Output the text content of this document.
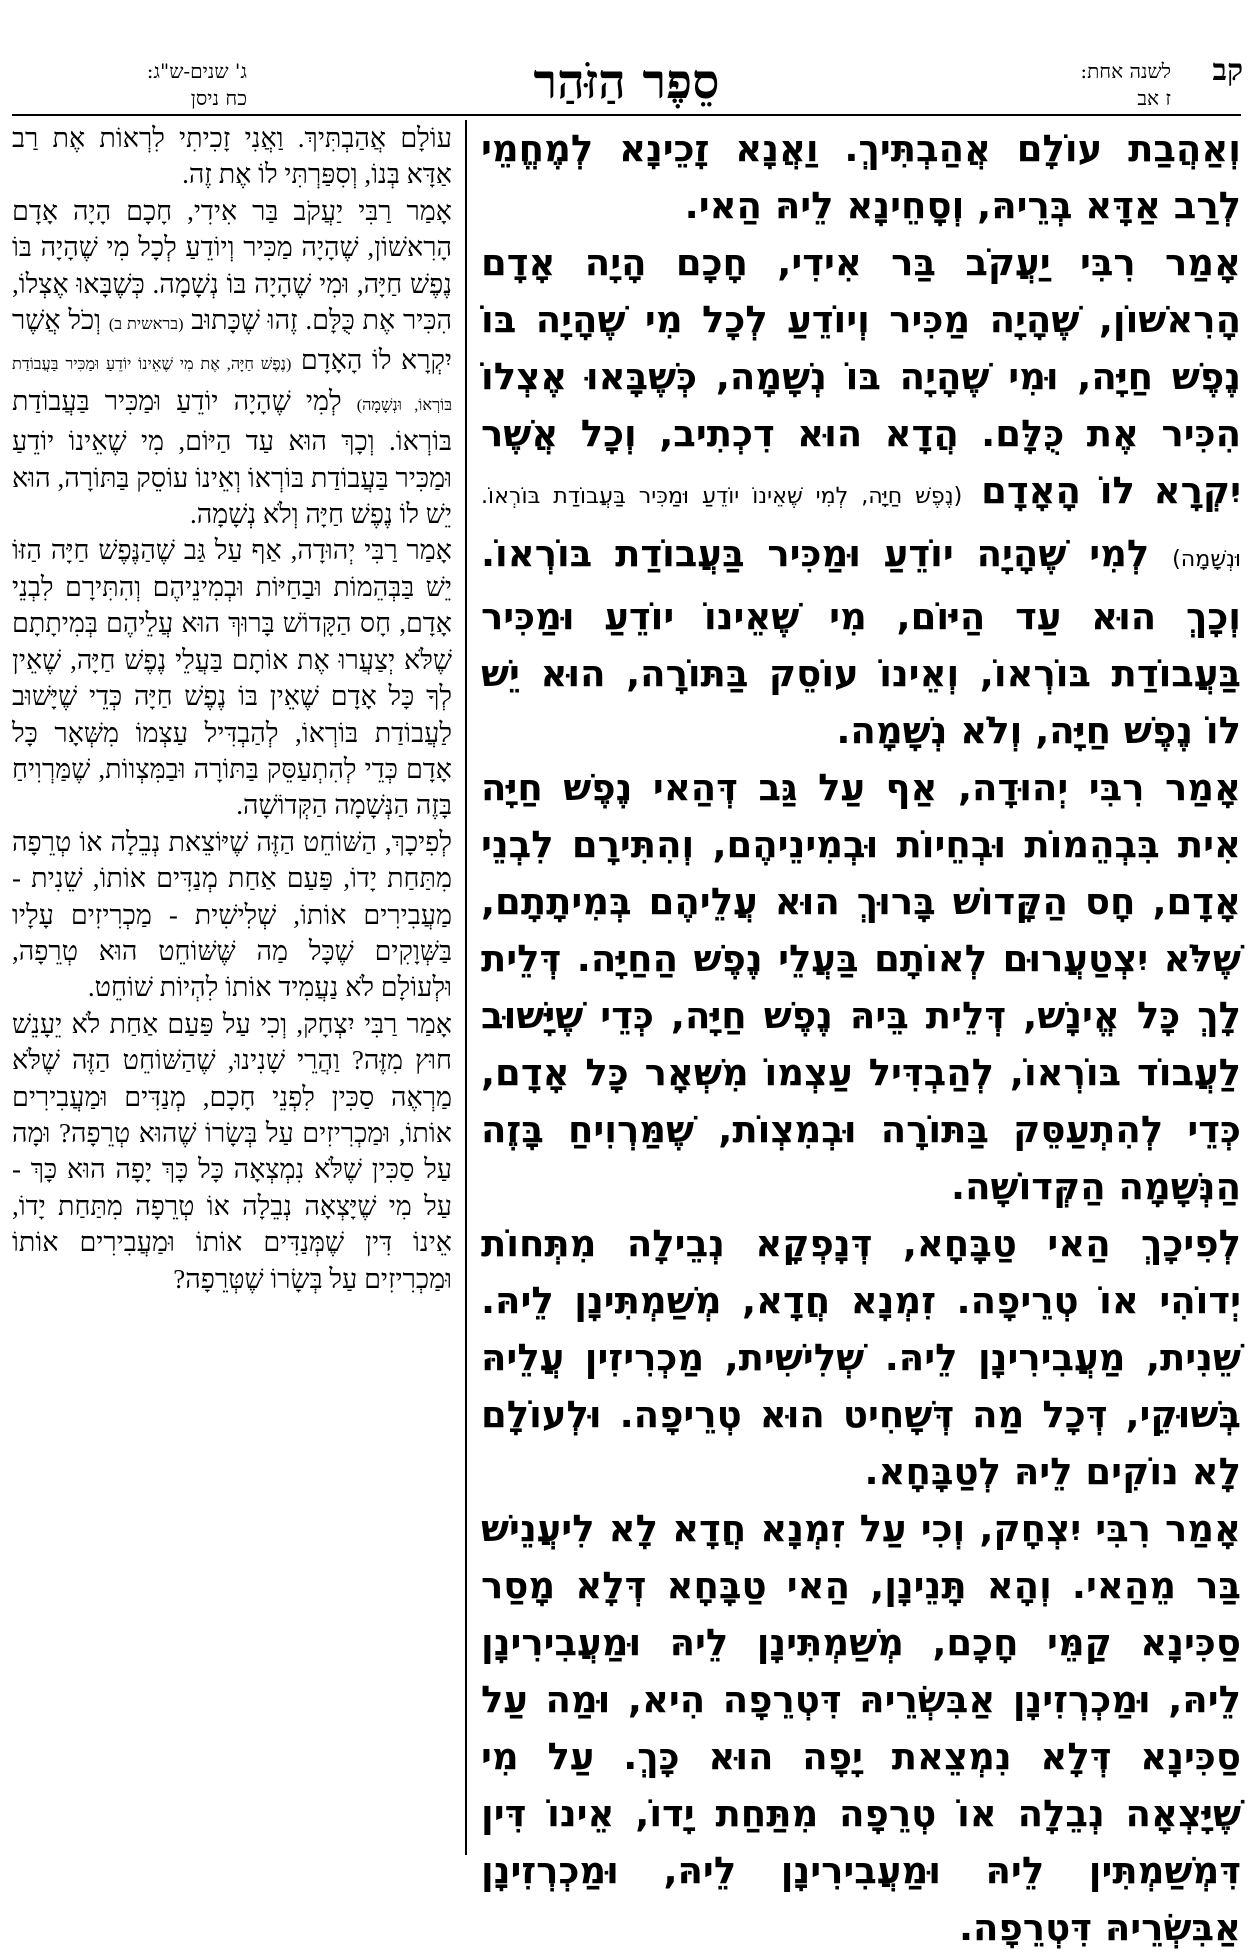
קב
לשנה אחת:
ז אב
סֵפֶר הַזֹּהַר
ג' שנים-ש"ג:
כח ניסן

וְאַהֲבַת עוֹלָם אֲהַבְתִּיךְ. וַאֲנָא זָכֵינָא לְמֶחֱמֵי לְרַב אַדָּא בְּרֵיהּ, וְסָחֵינָא לֵיהּ הַאי.

אָמַר רִבִּי יַעֲקֹב בַּר אִידִי, חָכָם הָיָה אָדָם הָרִאשׁוֹן, שֶׁהָיָה מַכִּיר וְיוֹדֵעַ לְכָל מִי שֶׁהָיָה בּוֹ נֶפֶשׁ חַיָּה, וּמִי שֶׁהָיָה בּוֹ נְשָׁמָה, כְּשֶׁבָּאוּ אֶצְלוֹ הִכִּיר אֶת כֻּלָּם. הֲדָא הוּא דִכְתִיב, וְכָל אֲשֶׁר יִקְרָא לוֹ הָאָדָם (נֶפֶשׁ חַיָּה, לְמִי שֶׁאֵינוֹ יוֹדֵעַ וּמַכִּיר בַּעֲבוֹדַת בּוֹרְאוֹ. וּנְשָׁמָה) לְמִי שֶׁהָיָה יוֹדֵעַ וּמַכִּיר בַּעֲבוֹדַת בּוֹרְאוֹ. וְכָךְ הוּא עַד הַיּוֹם, מִי שֶׁאֵינוֹ יוֹדֵעַ וּמַכִּיר בַּעֲבוֹדַת בּוֹרְאוֹ, וְאֵינוֹ עוֹסֵק בַּתּוֹרָה, הוּא יֵשׁ לוֹ נֶפֶשׁ חַיָּה, וְלֹא נְשָׁמָה.

אָמַר רִבִּי יְהוּדָה, אַף עַל גַּב דְּהַאי נֶפֶשׁ חַיָּה אִית בִּבְהֵמוֹת וּבְחֵיוֹת וּבְמִינֵיהֶם, וְהִתִּירָם לִבְנֵי אָדָם, חָס הַקָּדוֹשׁ בָּרוּךְ הוּא עֲלֵיהֶם בְּמִיתָתָם, שֶׁלֹּא יִצְטַעֲרוּם לְאוֹתָם בַּעֲלֵי נֶפֶשׁ הַחַיָּה. דְּלֵית לָךְ כָּל אֱינָשׁ, דְּלֵית בֵּיהּ נֶפֶשׁ חַיָּה, כְּדֵי שֶׁיָּשׁוּב לַעֲבוֹד בּוֹרְאוֹ, לְהַבְדִּיל עַצְמוֹ מִשְּׁאָר כָּל אָדָם, כְּדֵי לְהִתְעַסֵּק בַּתּוֹרָה וּבְמִצְוֹת, שֶׁמַּרְוִיחַ בָּזֶה הַנְּשָׁמָה הַקְּדוֹשָׁה.

לְפִיכָךְ הַאי טַבָּחָא, דְּנָפְקָא נְבֵילָה מִתְּחוֹת יְדוֹהִי אוֹ טְרֵיפָה. זִמְנָא חֲדָא, מְשַׁמְתִּינָן לֵיהּ. שֵׁנִית, מַעֲבִירִינָן לֵיהּ. שְׁלִישִׁית, מַכְרִיזִין עֲלֵיהּ בְּשׁוּקֵי, דְּכָל מַה דְּשָׁחִיט הוּא טְרֵיפָה. וּלְעוֹלָם לָא נוֹקִים לֵיהּ לְטַבָּחָא.

אָמַר רִבִּי יִצְחָק, וְכִי עַל זִמְנָא חֲדָא לָא לִיעֲנֵישׁ בַּר מֵהַאי. וְהָא תָּנֵינָן, הַאי טַבָּחָא דְּלָא מָסַר סַכִּינָא קַמֵּי חָכָם, מְשַׁמְתִּינָן לֵיהּ וּמַעֲבִירִינָן לֵיהּ, וּמַכְרְזִינָן אַבִּשְׂרֵיהּ דִּטְרֵפָה הִיא, וּמַה עַל סַכִּינָא דְּלָא נִמְצֵאת יָפָה הוּא כָּךְ. עַל מִי שֶׁיָּצְאָה נְבֵלָה אוֹ טְרֵפָה מִתַּחַת יָדוֹ, אֵינוֹ דִּין דִּמְשַׁמְתִּין לֵיהּ וּמַעֲבִירִינָן לֵיהּ, וּמַכְרְזִינָן אַבִּשְׂרֵיהּ דִּטְרֵפָה.

עוֹלָם אֲהַבְתִּיךְ. וַאֲנִי זָכִיתִי לִרְאוֹת אֶת רַב אַדָּא בְּנוֹ, וְסִפַּרְתִּי לוֹ אֶת זֶה.

אָמַר רַבִּי יַעֲקֹב בַּר אִידִי, חָכָם הָיָה אָדָם הָרִאשׁוֹן, שֶׁהָיָה מַכִּיר וְיוֹדֵעַ לְכָל מִי שֶׁהָיָה בּוֹ נֶפֶשׁ חַיָּה, וּמִי שֶׁהָיָה בּוֹ נְשָׁמָה. כְּשֶׁבָּאוּ אֶצְלוֹ, הִכִּיר אֶת כֻּלָּם. זֶהוּ שֶׁכָּתוּב (בראשית ב) וְכֹל אֲשֶׁר יִקְרָא לוֹ הָאָדָם (נֶפֶשׁ חַיָּה, אֶת מִי שֶׁאֵינוֹ יוֹדֵעַ וּמַכִּיר בַּעֲבוֹדַת בּוֹרְאוֹ, וּנְשָׁמָה) לְמִי שֶׁהָיָה יוֹדֵעַ וּמַכִּיר בַּעֲבוֹדַת בּוֹרְאוֹ. וְכָךְ הוּא עַד הַיּוֹם, מִי שֶׁאֵינוֹ יוֹדֵעַ וּמַכִּיר בַּעֲבוֹדַת בּוֹרְאוֹ וְאֵינוֹ עוֹסֵק בַּתּוֹרָה, הוּא יֵשׁ לוֹ נֶפֶשׁ חַיָּה וְלֹא נְשָׁמָה.

אָמַר רַבִּי יְהוּדָה, אַף עַל גַּב שֶׁהַנֶּפֶשׁ חַיָּה הַזּוֹ יֵשׁ בַּבְּהֵמוֹת וּבַחַיּוֹת וּבְמִינֵיהֶם וְהִתִּירָם לִבְנֵי אָדָם, חָס הַקָּדוֹשׁ בָּרוּךְ הוּא עֲלֵיהֶם בְּמִיתָתָם שֶׁלֹּא יְצַעֲרוּ אֶת אוֹתָם בַּעֲלֵי נֶפֶשׁ חַיָּה, שֶׁאֵין לְךָ כָּל אָדָם שֶׁאֵין בּוֹ נֶפֶשׁ חַיָּה כְּדֵי שֶׁיָּשׁוּב לַעֲבוֹדַת בּוֹרְאוֹ, לְהַבְדִּיל עַצְמוֹ מִשְּׁאָר כָּל אָדָם כְּדֵי לְהִתְעַסֵּק בַּתּוֹרָה וּבַמִּצְווֹת, שֶׁמַּרְוִיחַ בָּזֶה הַנְּשָׁמָה הַקְּדוֹשָׁה.

לְפִיכָךְ, הַשּׁוֹחֵט הַזֶּה שֶׁיּוֹצֵאת נְבֵלָה אוֹ טְרֵפָה מִתַּחַת יָדוֹ, פַּעַם אַחַת מְנַדִּים אוֹתוֹ, שֵׁנִית - מַעֲבִירִים אוֹתוֹ, שְׁלִישִׁית - מַכְרִיזִים עָלָיו בַּשְּׁוָקִים שֶׁכָּל מַה שֶּׁשּׁוֹחֵט הוּא טְרֵפָה, וּלְעוֹלָם לֹא נַעֲמִיד אוֹתוֹ לִהְיוֹת שׁוֹחֵט.

אָמַר רַבִּי יִצְחָק, וְכִי עַל פַּעַם אַחַת לֹא יֵעָנֵשׁ חוּץ מִזֶּה? וַהֲרֵי שָׁנִינוּ, שֶׁהַשּׁוֹחֵט הַזֶּה שֶׁלֹּא מַרְאֶה סַכִּין לִפְנֵי חָכָם, מְנַדִּים וּמַעֲבִירִים אוֹתוֹ, וּמַכְרִיזִים עַל בְּשָׂרוֹ שֶׁהוּא טְרֵפָה? וּמָה עַל סַכִּין שֶׁלֹּא נִמְצְאָה כָּל כָּךְ יָפָה הוּא כָּךְ - עַל מִי שֶׁיָּצְאָה נְבֵלָה אוֹ טְרֵפָה מִתַּחַת יָדוֹ, אֵינוֹ דִּין שֶׁמְּנַדִּים אוֹתוֹ וּמַעֲבִירִים אוֹתוֹ וּמַכְרִיזִים עַל בְּשָׂרוֹ שֶׁטְּרֵפָה?
